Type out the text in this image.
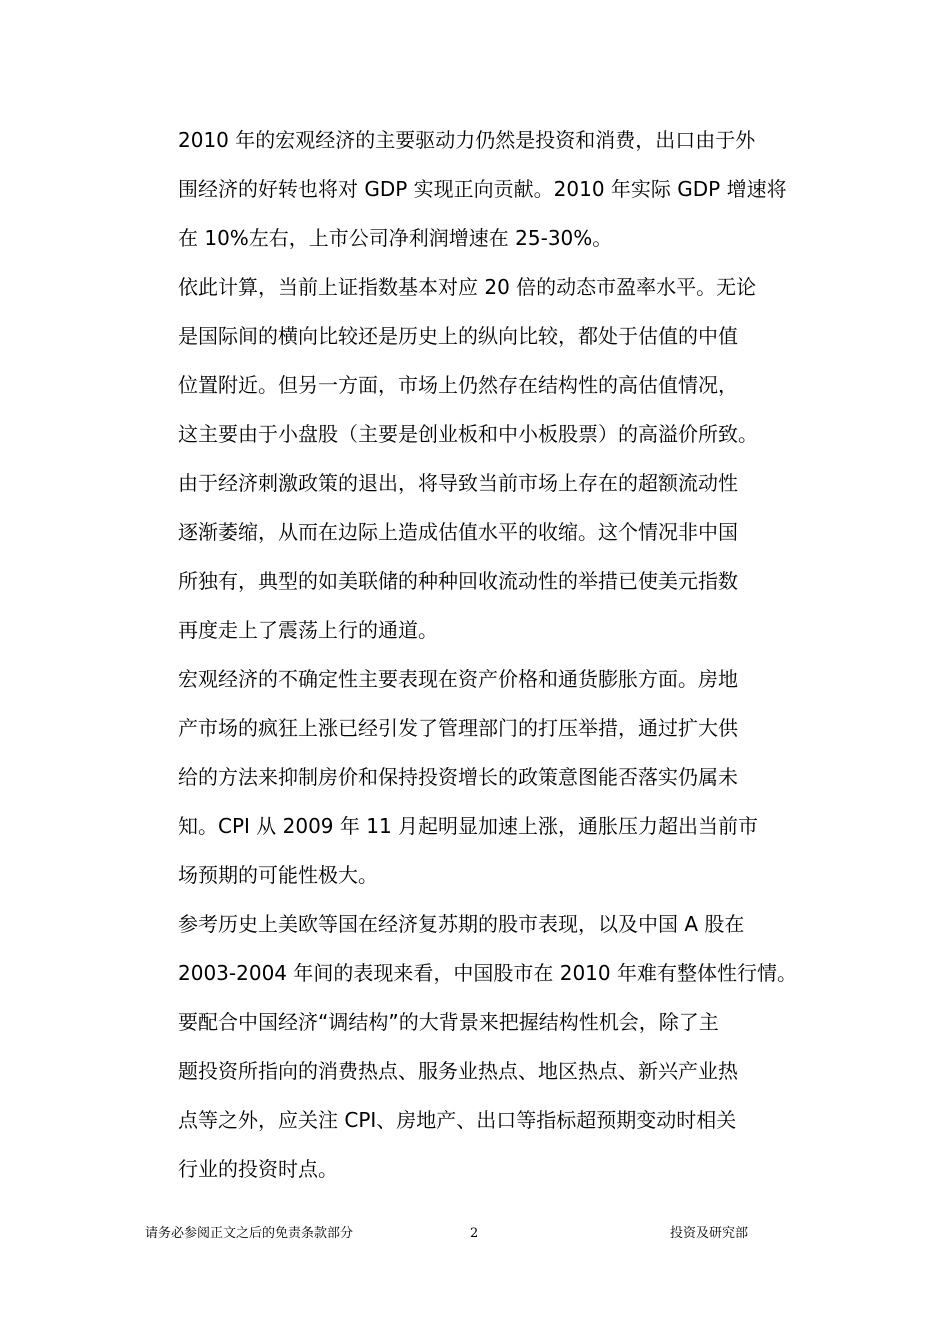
2010 年的宏观经济的主要驱动力仍然是投资和消费，出口由于外
围经济的好转也将对 GDP 实现正向贡献。2010 年实际 GDP 增速将
在 10%左右，上市公司净利润增速在 25-30%。
依此计算，当前上证指数基本对应 20 倍的动态市盈率水平。无论
是国际间的横向比较还是历史上的纵向比较，都处于估值的中值
位置附近。但另一方面，市场上仍然存在结构性的高估值情况，
这主要由于小盘股（主要是创业板和中小板股票）的高溢价所致。
由于经济刺激政策的退出，将导致当前市场上存在的超额流动性
逐渐萎缩，从而在边际上造成估值水平的收缩。这个情况非中国
所独有，典型的如美联储的种种回收流动性的举措已使美元指数
再度走上了震荡上行的通道。
宏观经济的不确定性主要表现在资产价格和通货膨胀方面。房地
产市场的疯狂上涨已经引发了管理部门的打压举措，通过扩大供
给的方法来抑制房价和保持投资增长的政策意图能否落实仍属未
知。CPI 从 2009 年 11 月起明显加速上涨，通胀压力超出当前市
场预期的可能性极大。
参考历史上美欧等国在经济复苏期的股市表现，以及中国 A 股在
2003-2004 年间的表现来看，中国股市在 2010 年难有整体性行情。
要配合中国经济“调结构”的大背景来把握结构性机会，除了主
题投资所指向的消费热点、服务业热点、地区热点、新兴产业热
点等之外，应关注 CPI、房地产、出口等指标超预期变动时相关
行业的投资时点。
请务必参阅正文之后的免责条款部分	2	投资及研究部
